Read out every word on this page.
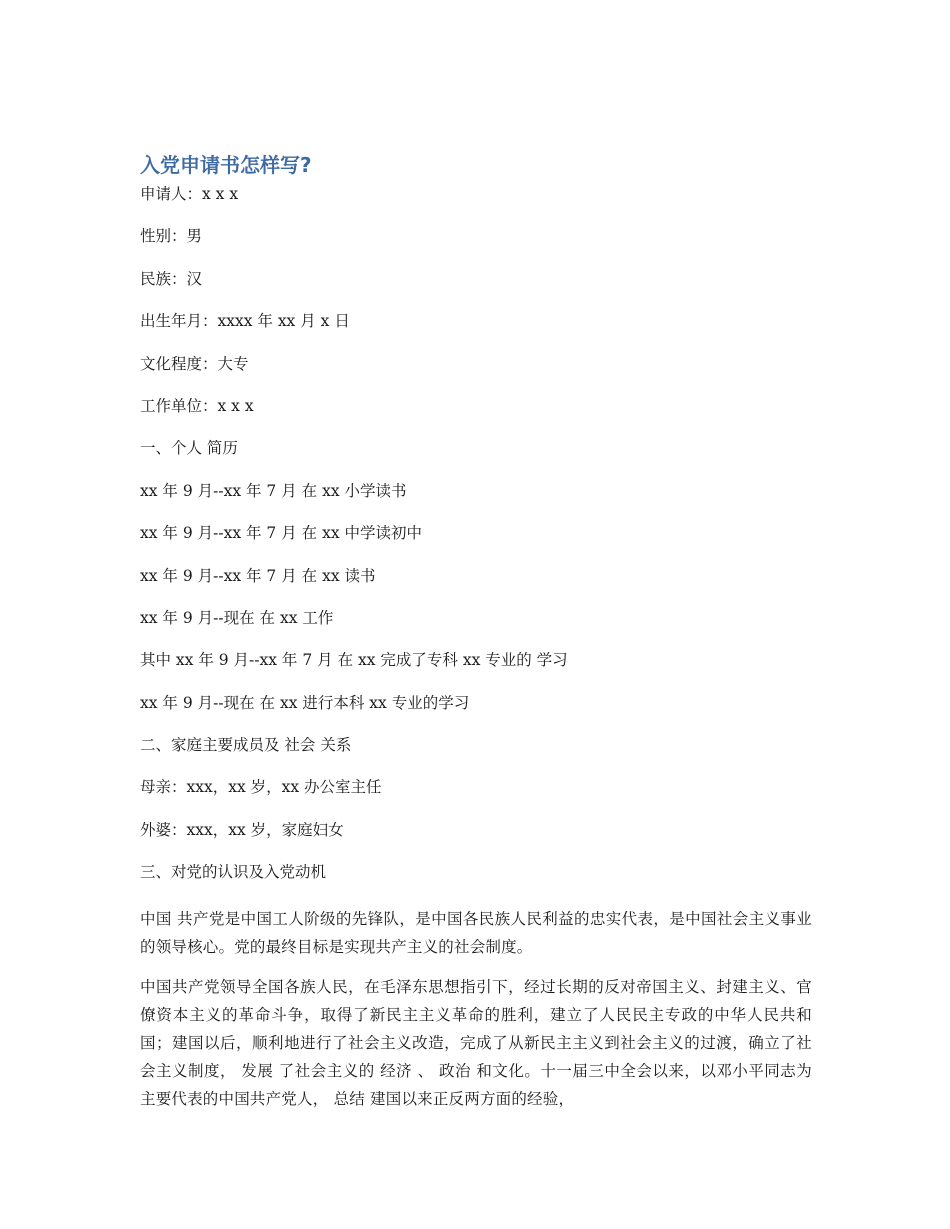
入党申请书怎样写?
申请人：x x x
性别：男
民族：汉
出生年月：xxxx 年 xx 月 x 日
文化程度：大专
工作单位：x x x
一、个人 简历
xx 年 9 月--xx 年 7 月 在 xx 小学读书
xx 年 9 月--xx 年 7 月 在 xx 中学读初中
xx 年 9 月--xx 年 7 月 在 xx 读书
xx 年 9 月--现在 在 xx 工作
其中 xx 年 9 月--xx 年 7 月 在 xx 完成了专科 xx 专业的 学习
xx 年 9 月--现在 在 xx 进行本科 xx 专业的学习
二、家庭主要成员及 社会 关系
母亲：xxx，xx 岁，xx 办公室主任
外婆：xxx，xx 岁，家庭妇女
三、对党的认识及入党动机
中国 共产党是中国工人阶级的先锋队，是中国各民族人民利益的忠实代表，是中国社会主义事业的领导核心。党的最终目标是实现共产主义的社会制度。
中国共产党领导全国各族人民，在毛泽东思想指引下，经过长期的反对帝国主义、封建主义、官僚资本主义的革命斗争，取得了新民主主义革命的胜利，建立了人民民主专政的中华人民共和国；建国以后，顺利地进行了社会主义改造，完成了从新民主主义到社会主义的过渡，确立了社会主义制度， 发展 了社会主义的 经济 、 政治 和文化。十一届三中全会以来，以邓小平同志为主要代表的中国共产党人， 总结 建国以来正反两方面的经验，
